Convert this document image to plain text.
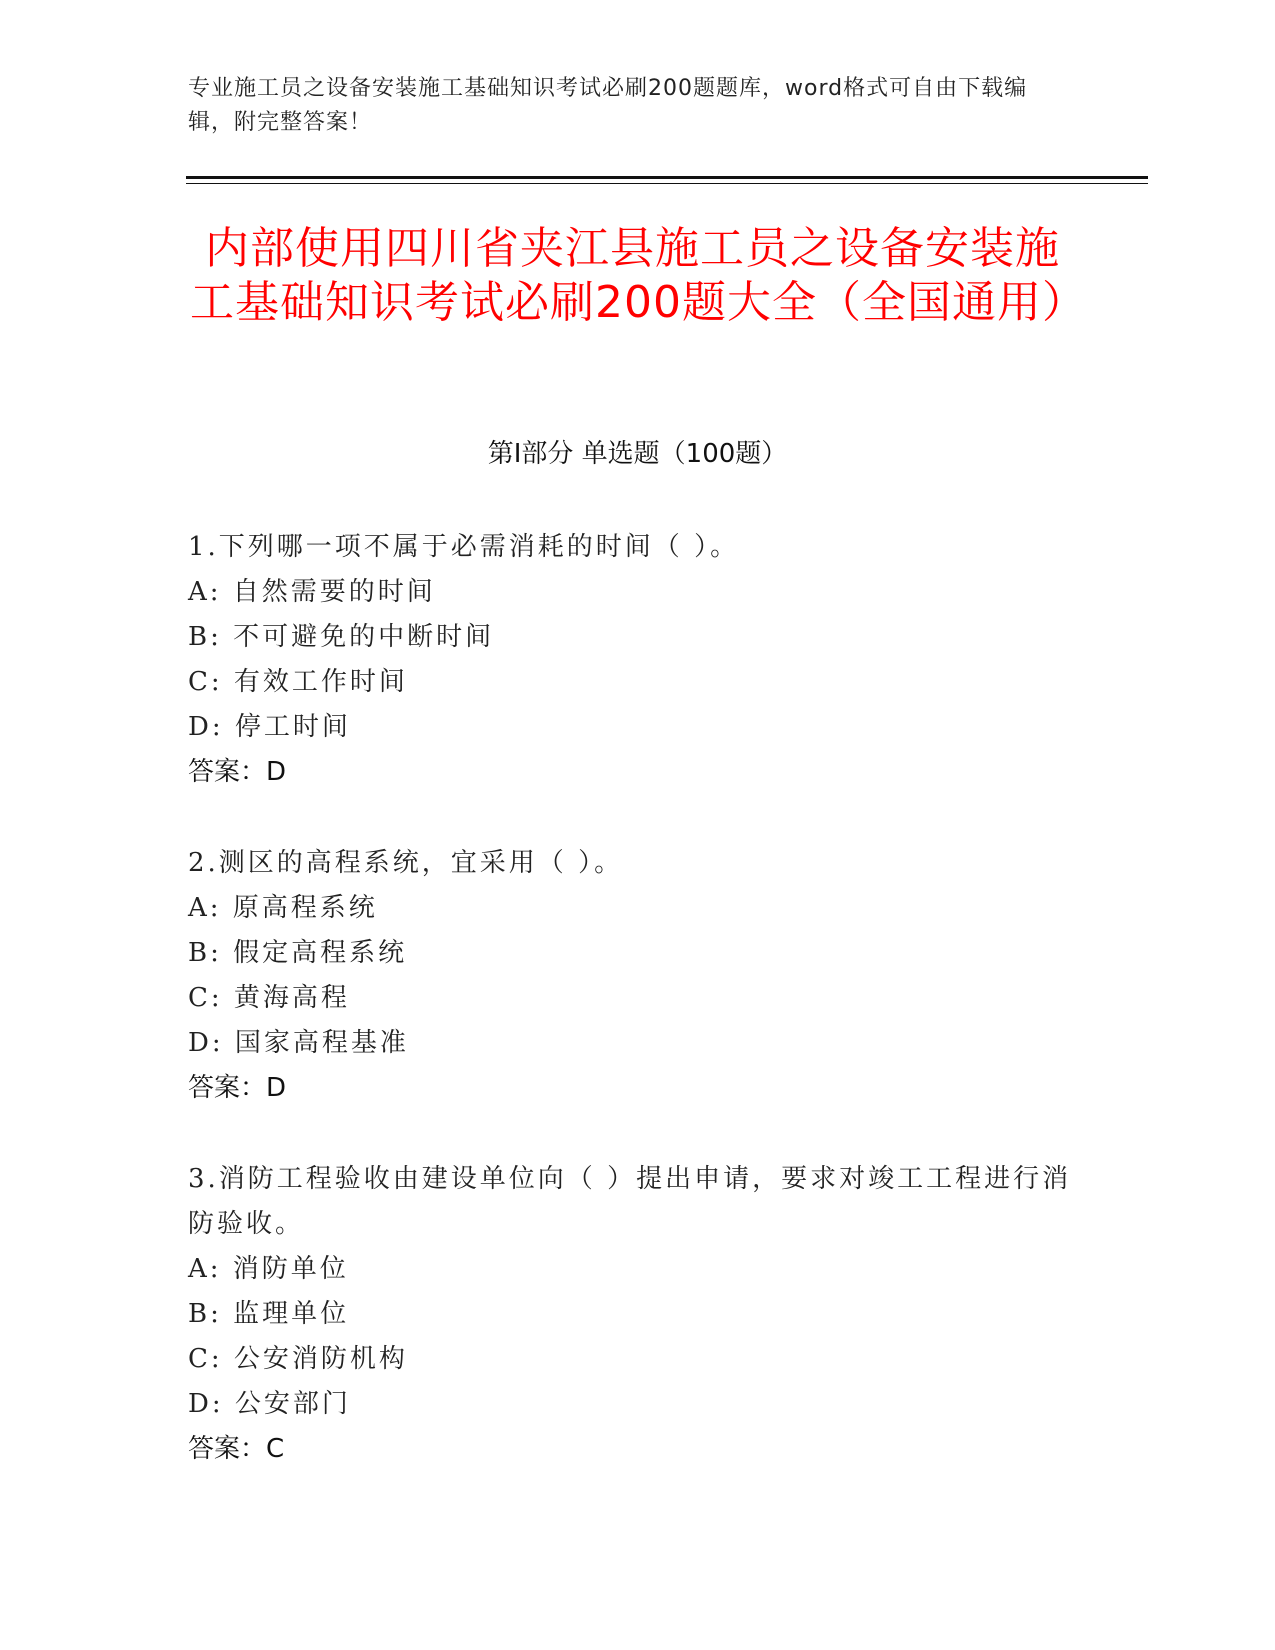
专业施工员之设备安装施工基础知识考试必刷200题题库，word格式可自由下载编辑，附完整答案！
内部使用四川省夹江县施工员之设备安装施工基础知识考试必刷200题大全（全国通用）
第Ⅰ部分 单选题（100题）
1.下列哪一项不属于必需消耗的时间（ ）。
A: 自然需要的时间
B: 不可避免的中断时间
C: 有效工作时间
D: 停工时间
答案：D
2.测区的高程系统，宜采用（ ）。
A: 原高程系统
B: 假定高程系统
C: 黄海高程
D: 国家高程基准
答案：D
3.消防工程验收由建设单位向（ ）提出申请，要求对竣工工程进行消防验收。
A: 消防单位
B: 监理单位
C: 公安消防机构
D: 公安部门
答案：C
